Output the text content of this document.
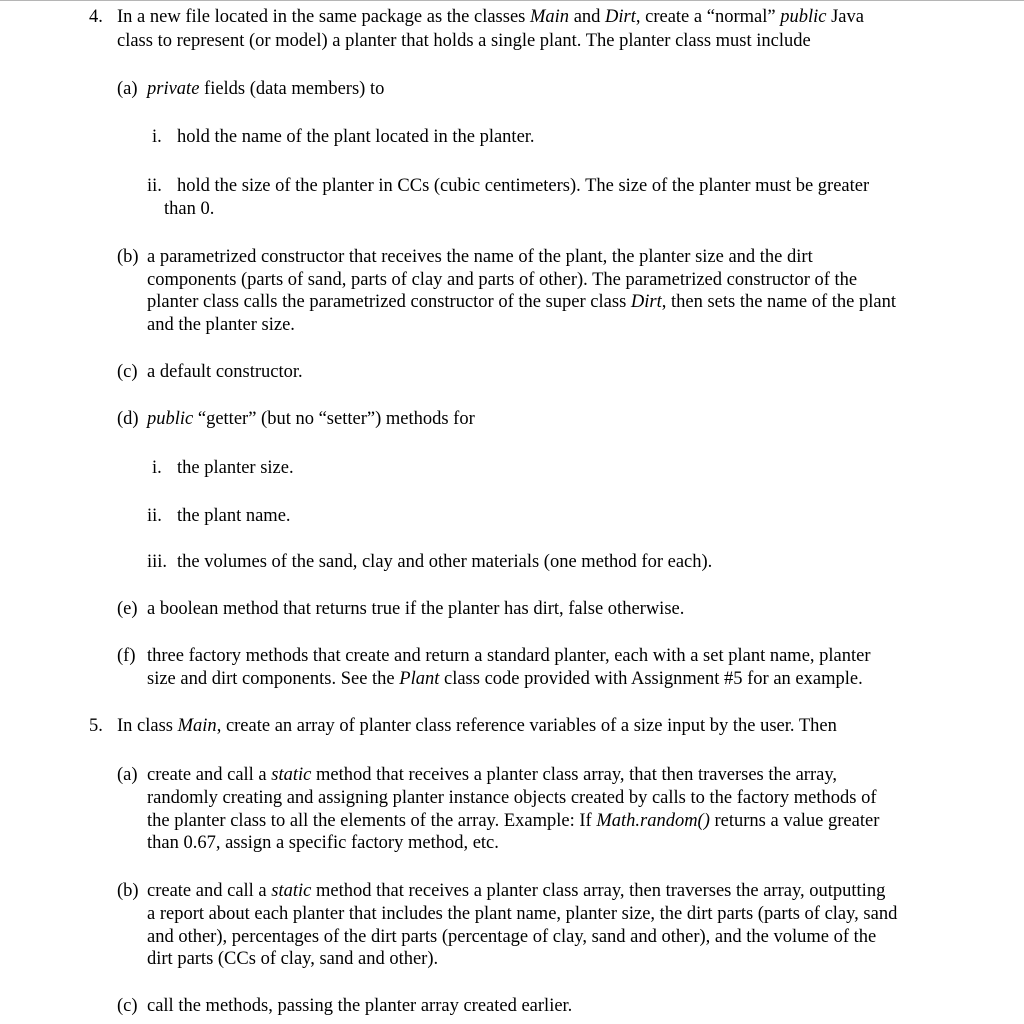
4. In a new file located in the same package as the classes Main and Dirt, create a “normal” public Java
class to represent (or model) a planter that holds a single plant. The planter class must include
(a) private fields (data members) to
i. hold the name of the plant located in the planter.
ii. hold the size of the planter in CCs (cubic centimeters). The size of the planter must be greater
than 0.
(b) a parametrized constructor that receives the name of the plant, the planter size and the dirt
components (parts of sand, parts of clay and parts of other). The parametrized constructor of the
planter class calls the parametrized constructor of the super class Dirt, then sets the name of the plant
and the planter size.
(c) a default constructor.
(d) public “getter” (but no “setter”) methods for
i. the planter size.
ii. the plant name.
iii. the volumes of the sand, clay and other materials (one method for each).
(e) a boolean method that returns true if the planter has dirt, false otherwise.
(f) three factory methods that create and return a standard planter, each with a set plant name, planter
size and dirt components. See the Plant class code provided with Assignment #5 for an example.
5. In class Main, create an array of planter class reference variables of a size input by the user. Then
(a) create and call a static method that receives a planter class array, that then traverses the array,
randomly creating and assigning planter instance objects created by calls to the factory methods of
the planter class to all the elements of the array. Example: If Math.random() returns a value greater
than 0.67, assign a specific factory method, etc.
(b) create and call a static method that receives a planter class array, then traverses the array, outputting
a report about each planter that includes the plant name, planter size, the dirt parts (parts of clay, sand
and other), percentages of the dirt parts (percentage of clay, sand and other), and the volume of the
dirt parts (CCs of clay, sand and other).
(c) call the methods, passing the planter array created earlier.
